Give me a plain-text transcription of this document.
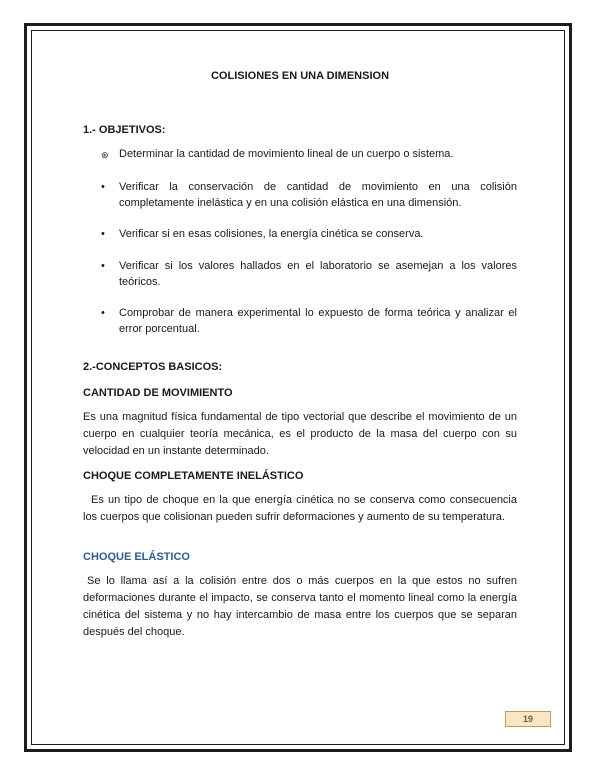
COLISIONES EN UNA DIMENSION
1.- OBJETIVOS:
⊛ Determinar la cantidad de movimiento lineal de un cuerpo o sistema.
•	Verificar la conservación de cantidad de movimiento en una colisión completamente inelástica y en una colisión elástica en una dimensión.
•	Verificar si en esas colisiones, la energía cinética se conserva.
•	Verificar si los valores hallados en el laboratorio se asemejan a los valores teóricos.
•	Comprobar de manera experimental lo expuesto de forma teórica y analizar el error porcentual.
2.-CONCEPTOS BASICOS:
CANTIDAD DE MOVIMIENTO
Es una magnitud física fundamental de tipo vectorial que describe el movimiento de un cuerpo en cualquier teoría mecánica, es el producto de la masa del cuerpo con su velocidad en un instante determinado.
CHOQUE COMPLETAMENTE INELÁSTICO
Es un tipo de choque en la que energía cinética no se conserva como consecuencia los cuerpos que colisionan pueden sufrir deformaciones y aumento de su temperatura.
CHOQUE ELÁSTICO
Se lo llama así a la colisión entre dos o más cuerpos en la que estos no sufren deformaciones durante el impacto, se conserva tanto el momento lineal como la energía cinética del sistema y no hay intercambio de masa entre los cuerpos que se separan después del choque.
19
